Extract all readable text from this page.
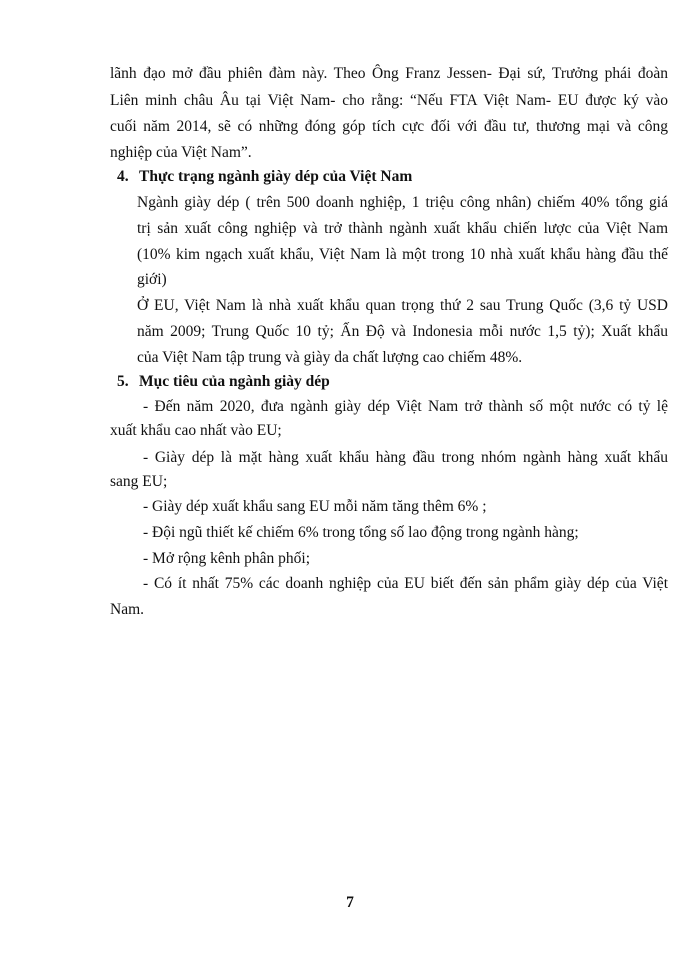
lãnh đạo mở đầu phiên đàm này. Theo Ông Franz Jessen- Đại sứ, Trưởng phái đoàn
Liên minh châu Âu tại Việt Nam- cho rằng: “Nếu FTA Việt Nam- EU được ký vào
cuối năm 2014, sẽ có những đóng góp tích cực đối với đầu tư, thương mại và công
nghiệp của Việt Nam”.
4. Thực trạng ngành giày dép của Việt Nam
Ngành giày dép ( trên 500 doanh nghiệp, 1 triệu công nhân) chiếm 40% tổng giá
trị sản xuất công nghiệp và trở thành ngành xuất khẩu chiến lược của Việt Nam
(10% kim ngạch xuất khẩu, Việt Nam là một trong 10 nhà xuất khẩu hàng đầu thế
giới)
Ở EU, Việt Nam là nhà xuất khẩu quan trọng thứ 2 sau Trung Quốc (3,6 tỷ USD
năm 2009; Trung Quốc 10 tỷ; Ấn Độ và Indonesia mỗi nước 1,5 tỷ); Xuất khẩu
của Việt Nam tập trung và giày da chất lượng cao chiếm 48%.
5. Mục tiêu của ngành giày dép
- Đến năm 2020, đưa ngành giày dép Việt Nam trở thành số một nước có tỷ lệ
xuất khẩu cao nhất vào EU;
- Giày dép là mặt hàng xuất khẩu hàng đầu trong nhóm ngành hàng xuất khẩu
sang EU;
- Giày dép xuất khẩu sang EU mỗi năm tăng thêm 6% ;
- Đội ngũ thiết kế chiếm 6% trong tổng số lao động trong ngành hàng;
- Mở rộng kênh phân phối;
- Có ít nhất 75% các doanh nghiệp của EU biết đến sản phẩm giày dép của Việt
Nam.
7
